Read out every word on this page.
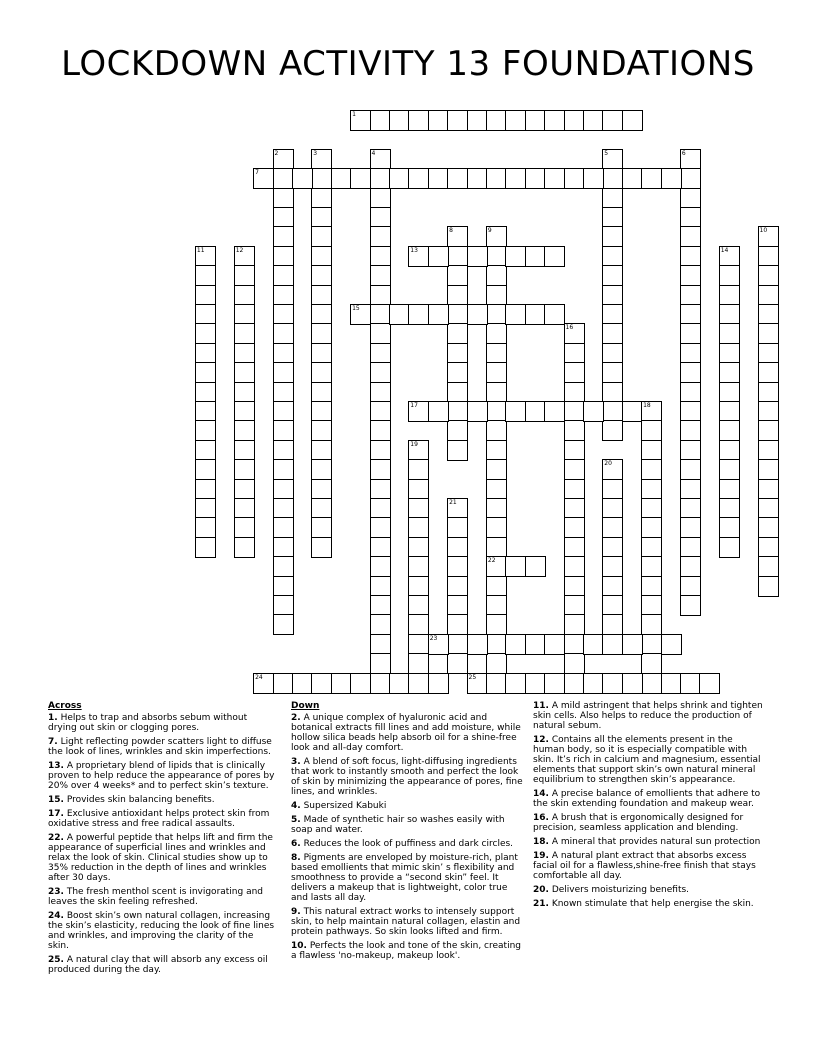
LOCKDOWN ACTIVITY 13 FOUNDATIONS
1
2	3	4	5	6
7
8	9
22
10
11	12	13	14
15
16
17	18
19
20
21
23
24	25
Across
1. Helps to trap and absorbs sebum without drying out skin or clogging pores.
7. Light reflecting powder scatters light to diffuse the look of lines, wrinkles and skin imperfections.
13. A proprietary blend of lipids that is clinically proven to help reduce the appearance of pores by 20% over 4 weeks* and to perfect skin’s texture.
15. Provides skin balancing benefits.
17. Exclusive antioxidant helps protect skin from oxidative stress and free radical assaults.
22. A powerful peptide that helps lift and firm the appearance of superficial lines and wrinkles and relax the look of skin. Clinical studies show up to 35% reduction in the depth of lines and wrinkles after 30 days.
23. The fresh menthol scent is invigorating and leaves the skin feeling refreshed.
24. Boost skin’s own natural collagen, increasing the skin’s elasticity, reducing the look of fine lines and wrinkles, and improving the clarity of the skin.
25. A natural clay that will absorb any excess oil produced during the day.
Down
2. A unique complex of hyaluronic acid and botanical extracts fill lines and add moisture, while hollow silica beads help absorb oil for a shine-free look and all-day comfort.
3. A blend of soft focus, light-diffusing ingredients that work to instantly smooth and perfect the look of skin by minimizing the appearance of pores, fine lines, and wrinkles.
4. Supersized Kabuki
5. Made of synthetic hair so washes easily with soap and water.
6. Reduces the look of puffiness and dark circles.
8. Pigments are enveloped by moisture-rich, plant based emollients that mimic skin’ s flexibility and smoothness to provide a “second skin” feel. It delivers a makeup that is lightweight, color true and lasts all day.
9. This natural extract works to intensely support skin, to help maintain natural collagen, elastin and protein pathways. So skin looks lifted and firm.
10. Perfects the look and tone of the skin, creating a flawless 'no-makeup, makeup look'.
11. A mild astringent that helps shrink and tighten skin cells. Also helps to reduce the production of natural sebum.
12. Contains all the elements present in the human body, so it is especially compatible with skin. It’s rich in calcium and magnesium, essential elements that support skin’s own natural mineral equilibrium to strengthen skin’s appearance.
14. A precise balance of emollients that adhere to the skin extending foundation and makeup wear.
16. A brush that is ergonomically designed for precision, seamless application and blending.
18. A mineral that provides natural sun protection
19. A natural plant extract that absorbs excess facial oil for a flawless,shine-free finish that stays comfortable all day.
20. Delivers moisturizing benefits.
21. Known stimulate that help energise the skin.
